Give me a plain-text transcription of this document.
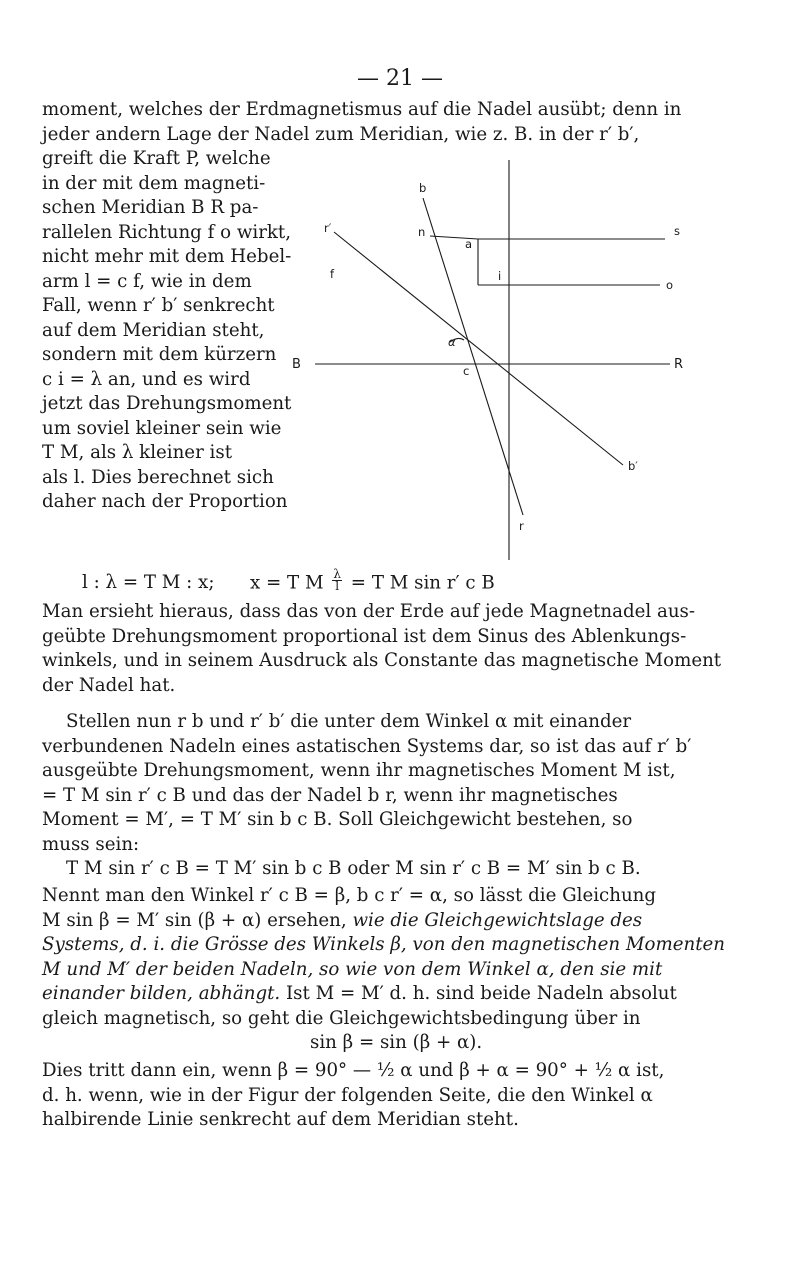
— 21 —
moment, welches der Erdmagnetismus auf die Nadel ausübt; denn in
jeder andern Lage der Nadel zum Meridian, wie z. B. in der r′ b′,
greift die Kraft P, welche
in der mit dem magneti-
schen Meridian B R pa-
rallelen Richtung f o wirkt,
nicht mehr mit dem Hebel-
arm l = c f, wie in dem
Fall, wenn r′ b′ senkrecht
auf dem Meridian steht,
sondern mit dem kürzern
c i = λ an, und es wird
jetzt das Drehungsmoment
um soviel kleiner sein wie
T M, als λ kleiner ist
als l. Dies berechnet sich
daher nach der Proportion
b
r′	n
a
s
o
f	i
α
B	c	R
b′
r
l : λ = T M : x; x = T M $\frac{\lambda}{l} = T$ M sin r′ c B
Man ersieht hieraus, dass das von der Erde auf jede Magnetnadel aus-
geübte Drehungsmoment proportional ist dem Sinus des Ablenkungs-
winkels, und in seinem Ausdruck als Constante das magnetische Moment
der Nadel hat.
Stellen nun r b und r′ b′ die unter dem Winkel α mit einander
verbundenen Nadeln eines astatischen Systems dar, so ist das auf r′ b′
ausgeübte Drehungsmoment, wenn ihr magnetisches Moment M ist,
= T M sin r′ c B und das der Nadel b r, wenn ihr magnetisches
Moment = M′, = T M′ sin b c B. Soll Gleichgewicht bestehen, so
muss sein:
T M sin r′ c B = T M′ sin b c B oder M sin r′ c B = M′ sin b c B.
Nennt man den Winkel r′ c B = β, b c r′ = α, so lässt die Gleichung
M sin β = M′ sin (β + α) ersehen, wie die Gleichgewichtslage des
Systems, d. i. die Grösse des Winkels β, von den magnetischen Momenten
M und M′ der beiden Nadeln, so wie von dem Winkel α, den sie mit
einander bilden, abhängt. Ist M = M′ d. h. sind beide Nadeln absolut
gleich magnetisch, so geht die Gleichgewichtsbedingung über in
sin β = sin (β + α).
Dies tritt dann ein, wenn β = 90° — ½ α und β + α = 90° + ½ α ist,
d. h. wenn, wie in der Figur der folgenden Seite, die den Winkel α
halbirende Linie senkrecht auf dem Meridian steht.
